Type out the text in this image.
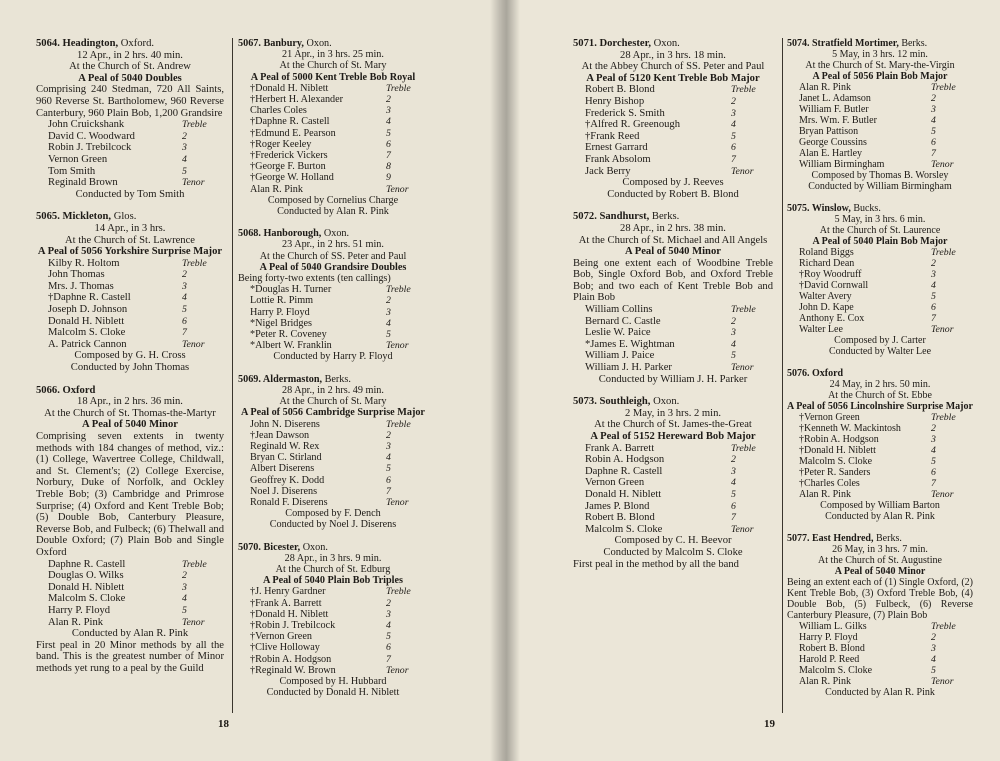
5064. Headington, Oxford.
12 Apr., in 2 hrs. 40 min.
At the Church of St. Andrew
A Peal of 5040 Doubles
Comprising 240 Stedman, 720 All Saints, 960 Reverse St. Bartholomew, 960 Reverse Canterbury, 960 Plain Bob, 1,200 Grandsire
John Cruickshank	Treble
David C. Woodward	2
Robin J. Trebilcock	3
Vernon Green	4
Tom Smith	5
Reginald Brown	Tenor
Conducted by Tom Smith
5065. Mickleton, Glos.
14 Apr., in 3 hrs.
At the Church of St. Lawrence
A Peal of 5056 Yorkshire Surprise Major
Kilby R. Holtom	Treble
John Thomas	2
Mrs. J. Thomas	3
†Daphne R. Castell	4
Joseph D. Johnson	5
Donald H. Niblett	6
Malcolm S. Cloke	7
A. Patrick Cannon	Tenor
Composed by G. H. Cross
Conducted by John Thomas
5066. Oxford
18 Apr., in 2 hrs. 36 min.
At the Church of St. Thomas-the-Martyr
A Peal of 5040 Minor
Comprising seven extents in twenty methods with 184 changes of method, viz.: (1) College, Wavertree College, Childwall, and St. Clement's; (2) College Exercise, Norbury, Duke of Norfolk, and Ockley Treble Bob; (3) Cambridge and Primrose Surprise; (4) Oxford and Kent Treble Bob; (5) Double Bob, Canterbury Pleasure, Reverse Bob, and Fulbeck; (6) Thelwall and Double Oxford; (7) Plain Bob and Single Oxford
Daphne R. Castell	Treble
Douglas O. Wilks	2
Donald H. Niblett	3
Malcolm S. Cloke	4
Harry P. Floyd	5
Alan R. Pink	Tenor
Conducted by Alan R. Pink
First peal in 20 Minor methods by all the band. This is the greatest number of Minor methods yet rung to a peal by the Guild
5067. Banbury, Oxon.
21 Apr., in 3 hrs. 25 min.
At the Church of St. Mary
A Peal of 5000 Kent Treble Bob Royal
†Donald H. Niblett	Treble
†Herbert H. Alexander	2
Charles Coles	3
†Daphne R. Castell	4
†Edmund E. Pearson	5
†Roger Keeley	6
†Frederick Vickers	7
†George F. Burton	8
†George W. Holland	9
Alan R. Pink	Tenor
Composed by Cornelius Charge
Conducted by Alan R. Pink
5068. Hanborough, Oxon.
23 Apr., in 2 hrs. 51 min.
At the Church of SS. Peter and Paul
A Peal of 5040 Grandsire Doubles
Being forty-two extents (ten callings)
*Douglas H. Turner	Treble
Lottie R. Pimm	2
Harry P. Floyd	3
*Nigel Bridges	4
*Peter R. Coveney	5
*Albert W. Franklin	Tenor
Conducted by Harry P. Floyd
5069. Aldermaston, Berks.
28 Apr., in 2 hrs. 49 min.
At the Church of St. Mary
A Peal of 5056 Cambridge Surprise Major
John N. Diserens	Treble
†Jean Dawson	2
Reginald W. Rex	3
Bryan C. Stirland	4
Albert Diserens	5
Geoffrey K. Dodd	6
Noel J. Diserens	7
Ronald F. Diserens	Tenor
Composed by F. Dench
Conducted by Noel J. Diserens
5070. Bicester, Oxon.
28 Apr., in 3 hrs. 9 min.
At the Church of St. Edburg
A Peal of 5040 Plain Bob Triples
†J. Henry Gardner	Treble
†Frank A. Barrett	2
†Donald H. Niblett	3
†Robin J. Trebilcock	4
†Vernon Green	5
†Clive Holloway	6
†Robin A. Hodgson	7
†Reginald W. Brown	Tenor
Composed by H. Hubbard
Conducted by Donald H. Niblett
18
5071. Dorchester, Oxon.
28 Apr., in 3 hrs. 18 min.
At the Abbey Church of SS. Peter and Paul
A Peal of 5120 Kent Treble Bob Major
Robert B. Blond	Treble
Henry Bishop	2
Frederick S. Smith	3
†Alfred R. Greenough	4
†Frank Reed	5
Ernest Garrard	6
Frank Absolom	7
Jack Berry	Tenor
Composed by J. Reeves
Conducted by Robert B. Blond
5072. Sandhurst, Berks.
28 Apr., in 2 hrs. 38 min.
At the Church of St. Michael and All Angels
A Peal of 5040 Minor
Being one extent each of Woodbine Treble Bob, Single Oxford Bob, and Oxford Treble Bob; and two each of Kent Treble Bob and Plain Bob
William Collins	Treble
Bernard C. Castle	2
Leslie W. Paice	3
*James E. Wightman	4
William J. Paice	5
William J. H. Parker	Tenor
Conducted by William J. H. Parker
5073. Southleigh, Oxon.
2 May, in 3 hrs. 2 min.
At the Church of St. James-the-Great
A Peal of 5152 Hereward Bob Major
Frank A. Barrett	Treble
Robin A. Hodgson	2
Daphne R. Castell	3
Vernon Green	4
Donald H. Niblett	5
James P. Blond	6
Robert B. Blond	7
Malcolm S. Cloke	Tenor
Composed by C. H. Beevor
Conducted by Malcolm S. Cloke
First peal in the method by all the band
5074. Stratfield Mortimer, Berks.
5 May, in 3 hrs. 12 min.
At the Church of St. Mary-the-Virgin
A Peal of 5056 Plain Bob Major
Alan R. Pink	Treble
Janet L. Adamson	2
William F. Butler	3
Mrs. Wm. F. Butler	4
Bryan Pattison	5
George Coussins	6
Alan E. Hartley	7
William Birmingham	Tenor
Composed by Thomas B. Worsley
Conducted by William Birmingham
5075. Winslow, Bucks.
5 May, in 3 hrs. 6 min.
At the Church of St. Laurence
A Peal of 5040 Plain Bob Major
Roland Biggs	Treble
Richard Dean	2
†Roy Woodruff	3
†David Cornwall	4
Walter Avery	5
John D. Kape	6
Anthony E. Cox	7
Walter Lee	Tenor
Composed by J. Carter
Conducted by Walter Lee
5076. Oxford
24 May, in 2 hrs. 50 min.
At the Church of St. Ebbe
A Peal of 5056 Lincolnshire Surprise Major
†Vernon Green	Treble
†Kenneth W. Mackintosh	2
†Robin A. Hodgson	3
†Donald H. Niblett	4
Malcolm S. Cloke	5
†Peter R. Sanders	6
†Charles Coles	7
Alan R. Pink	Tenor
Composed by William Barton
Conducted by Alan R. Pink
5077. East Hendred, Berks.
26 May, in 3 hrs. 7 min.
At the Church of St. Augustine
A Peal of 5040 Minor
Being an extent each of (1) Single Oxford, (2) Kent Treble Bob, (3) Oxford Treble Bob, (4) Double Bob, (5) Fulbeck, (6) Reverse Canterbury Pleasure, (7) Plain Bob
William L. Gilks	Treble
Harry P. Floyd	2
Robert B. Blond	3
Harold P. Reed	4
Malcolm S. Cloke	5
Alan R. Pink	Tenor
Conducted by Alan R. Pink
19
